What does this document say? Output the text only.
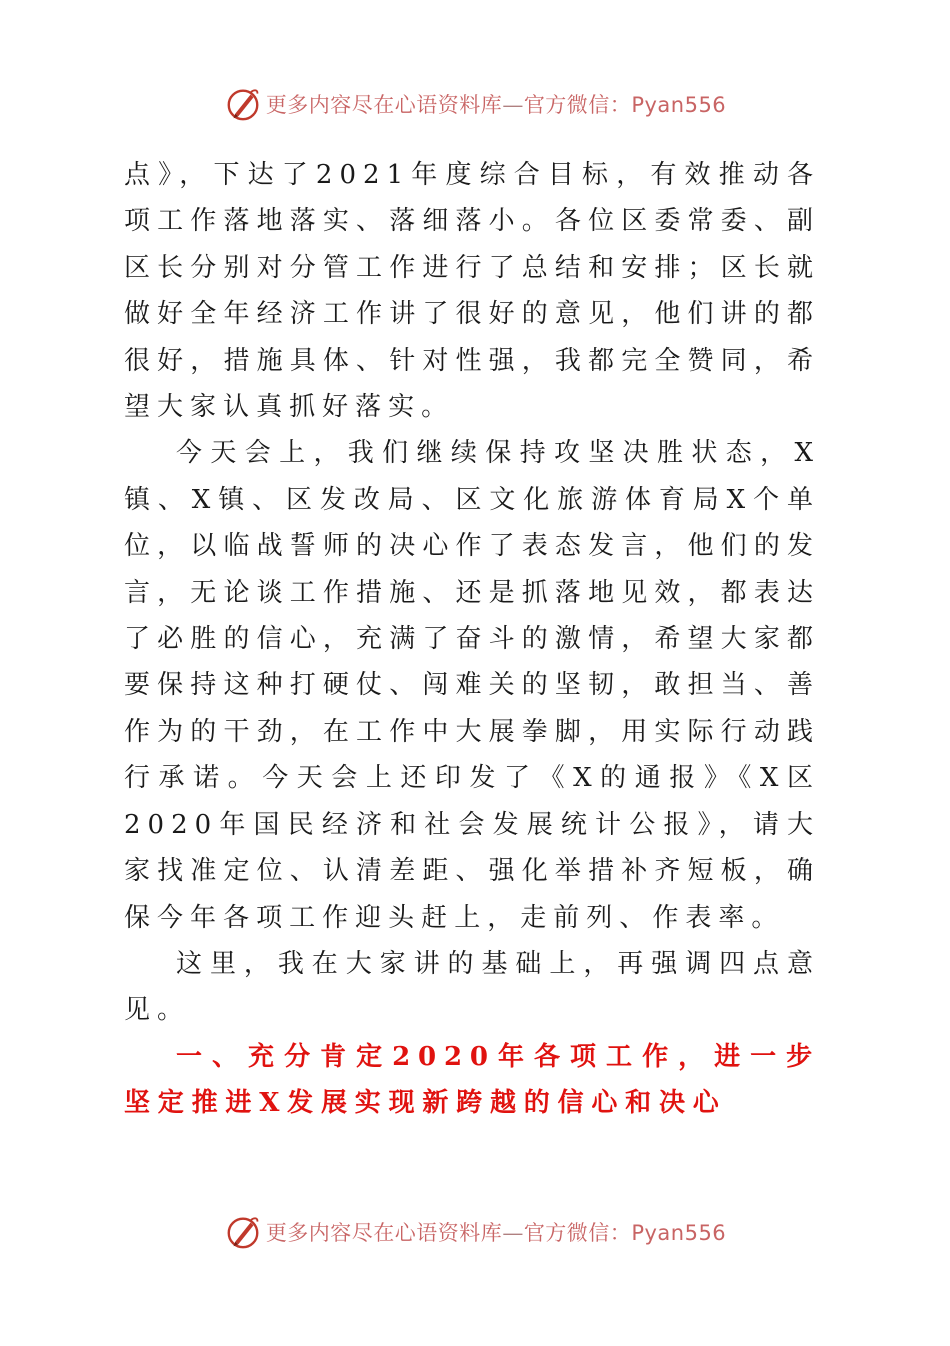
更多内容尽在心语资料库—官方微信：Pyan556

点》，下达了2021年度综合目标，有效推动各项工作落地落实、落细落小。各位区委常委、副区长分别对分管工作进行了总结和安排；区长就做好全年经济工作讲了很好的意见，他们讲的都很好，措施具体、针对性强，我都完全赞同，希望大家认真抓好落实。

今天会上，我们继续保持攻坚决胜状态，X镇、X镇、区发改局、区文化旅游体育局X个单位，以临战誓师的决心作了表态发言，他们的发言，无论谈工作措施、还是抓落地见效，都表达了必胜的信心，充满了奋斗的激情，希望大家都要保持这种打硬仗、闯难关的坚韧，敢担当、善作为的干劲，在工作中大展拳脚，用实际行动践行承诺。今天会上还印发了《X的通报》《X区2020年国民经济和社会发展统计公报》，请大家找准定位、认清差距、强化举措补齐短板，确保今年各项工作迎头赶上，走前列、作表率。

这里，我在大家讲的基础上，再强调四点意见。

一、充分肯定2020年各项工作，进一步坚定推进X发展实现新跨越的信心和决心

更多内容尽在心语资料库—官方微信：Pyan556
